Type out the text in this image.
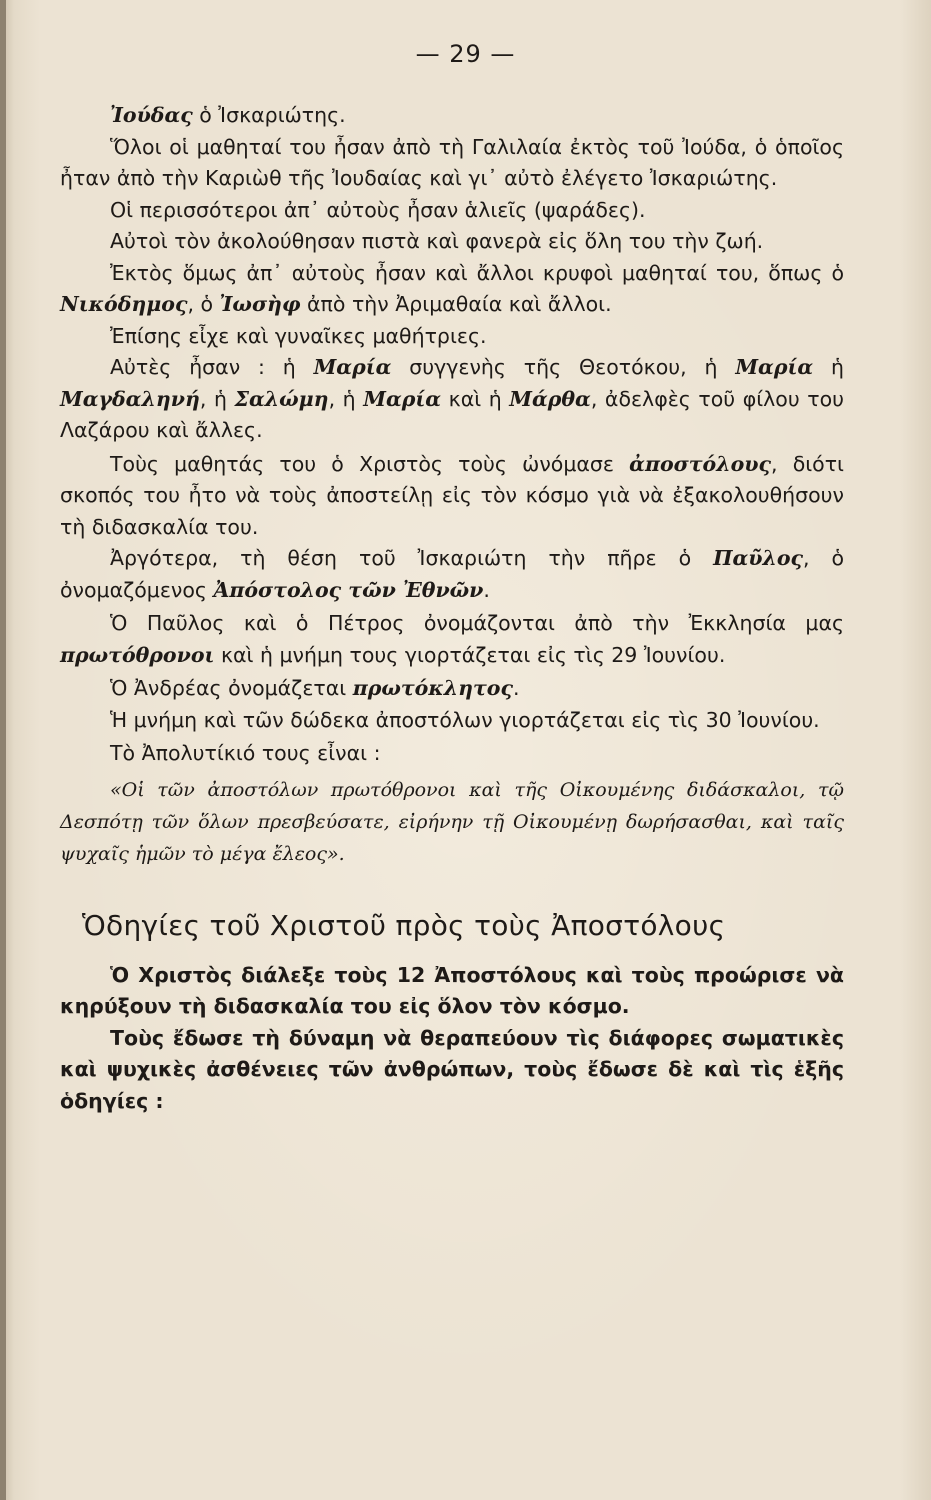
— 29 —

Ἰούδας ὁ Ἰσκαριώτης.

Ὅλοι οἱ μαθηταί του ἦσαν ἀπὸ τὴ Γαλιλαία ἐκτὸς τοῦ Ἰούδα, ὁ ὁποῖος ἦταν ἀπὸ τὴν Καριὼθ τῆς Ἰουδαίας καὶ γι᾽ αὐτὸ ἐλέγετο Ἰσκαριώτης.

Οἱ περισσότεροι ἀπ᾽ αὐτοὺς ἦσαν ἁλιεῖς (ψαράδες).

Αὐτοὶ τὸν ἀκολούθησαν πιστὰ καὶ φανερὰ εἰς ὅλη του τὴν ζωή.

Ἐκτὸς ὅμως ἀπ᾽ αὐτοὺς ἦσαν καὶ ἄλλοι κρυφοὶ μαθηταί του, ὅπως ὁ Νικόδημος, ὁ Ἰωσὴφ ἀπὸ τὴν Ἀριμαθαία καὶ ἄλλοι.

Ἐπίσης εἶχε καὶ γυναῖκες μαθήτριες.

Αὐτὲς ἦσαν : ἡ Μαρία συγγενὴς τῆς Θεοτόκου, ἡ Μαρία ἡ Μαγδαληνή, ἡ Σαλώμη, ἡ Μαρία καὶ ἡ Μάρθα, ἀδελφὲς τοῦ φίλου του Λαζάρου καὶ ἄλλες.

Τοὺς μαθητάς του ὁ Χριστὸς τοὺς ὠνόμασε ἀποστόλους, διότι σκοπός του ἦτο νὰ τοὺς ἀποστείλῃ εἰς τὸν κόσμο γιὰ νὰ ἐξακολουθήσουν τὴ διδασκαλία του.

Ἀργότερα, τὴ θέση τοῦ Ἰσκαριώτη τὴν πῆρε ὁ Παῦλος, ὁ ὀνομαζόμενος Ἀπόστολος τῶν Ἐθνῶν.

Ὁ Παῦλος καὶ ὁ Πέτρος ὀνομάζονται ἀπὸ τὴν Ἐκκλησία μας πρωτόθρονοι καὶ ἡ μνήμη τους γιορτάζεται εἰς τὶς 29 Ἰουνίου.

Ὁ Ἀνδρέας ὀνομάζεται πρωτόκλητος.

Ἡ μνήμη καὶ τῶν δώδεκα ἀποστόλων γιορτάζεται εἰς τὶς 30 Ἰουνίου.

Τὸ Ἀπολυτίκιό τους εἶναι :

«Οἱ τῶν ἀποστόλων πρωτόθρονοι καὶ τῆς Οἰκουμένης διδάσκαλοι, τῷ Δεσπότῃ τῶν ὅλων πρεσβεύσατε, εἰρήνην τῇ Οἰκουμένῃ δωρήσασθαι, καὶ ταῖς ψυχαῖς ἡμῶν τὸ μέγα ἔλεος».

Ὁδηγίες τοῦ Χριστοῦ πρὸς τοὺς Ἀποστόλους

Ὁ Χριστὸς διάλεξε τοὺς 12 Ἀποστόλους καὶ τοὺς προώρισε νὰ κηρύξουν τὴ διδασκαλία του εἰς ὅλον τὸν κόσμο.

Τοὺς ἔδωσε τὴ δύναμη νὰ θεραπεύουν τὶς διάφορες σωματικὲς καὶ ψυχικὲς ἀσθένειες τῶν ἀνθρώπων, τοὺς ἔδωσε δὲ καὶ τὶς ἑξῆς ὁδηγίες :
